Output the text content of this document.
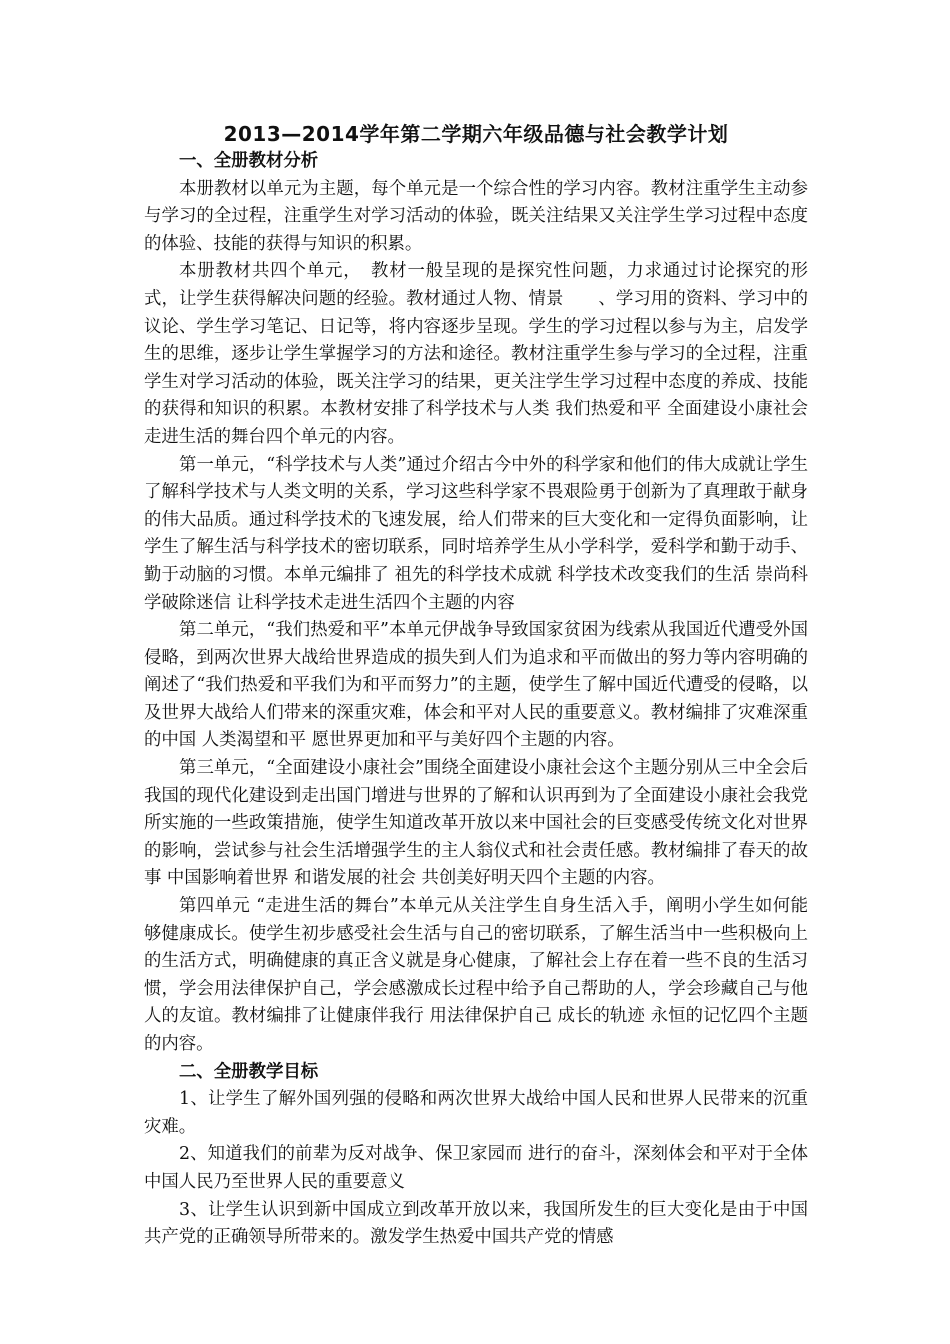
2013—2014学年第二学期六年级品德与社会教学计划
一、全册教材分析

本册教材以单元为主题，每个单元是一个综合性的学习内容。教材注重学生主动参与学习的全过程，注重学生对学习活动的体验，既关注结果又关注学生学习过程中态度的体验、技能的获得与知识的积累。

本册教材共四个单元，　教材一般呈现的是探究性问题，力求通过讨论探究的形式，让学生获得解决问题的经验。教材通过人物、情景　　、学习用的资料、学习中的议论、学生学习笔记、日记等，将内容逐步呈现。学生的学习过程以参与为主，启发学生的思维，逐步让学生掌握学习的方法和途径。教材注重学生参与学习的全过程，注重学生对学习活动的体验，既关注学习的结果，更关注学生学习过程中态度的养成、技能的获得和知识的积累。本教材安排了科学技术与人类 我们热爱和平 全面建设小康社会 走进生活的舞台四个单元的内容。

第一单元，“科学技术与人类”通过介绍古今中外的科学家和他们的伟大成就让学生了解科学技术与人类文明的关系，学习这些科学家不畏艰险勇于创新为了真理敢于献身的伟大品质。通过科学技术的飞速发展，给人们带来的巨大变化和一定得负面影响，让学生了解生活与科学技术的密切联系，同时培养学生从小学科学，爱科学和勤于动手、勤于动脑的习惯。本单元编排了 祖先的科学技术成就 科学技术改变我们的生活 崇尚科学破除迷信 让科学技术走进生活四个主题的内容

第二单元，“我们热爱和平”本单元伊战争导致国家贫困为线索从我国近代遭受外国侵略，到两次世界大战给世界造成的损失到人们为追求和平而做出的努力等内容明确的阐述了“我们热爱和平我们为和平而努力”的主题，使学生了解中国近代遭受的侵略，以及世界大战给人们带来的深重灾难，体会和平对人民的重要意义。教材编排了灾难深重的中国 人类渴望和平 愿世界更加和平与美好四个主题的内容。

第三单元，“全面建设小康社会”围绕全面建设小康社会这个主题分别从三中全会后我国的现代化建设到走出国门增进与世界的了解和认识再到为了全面建设小康社会我党所实施的一些政策措施，使学生知道改革开放以来中国社会的巨变感受传统文化对世界的影响，尝试参与社会生活增强学生的主人翁仪式和社会责任感。教材编排了春天的故事 中国影响着世界 和谐发展的社会 共创美好明天四个主题的内容。

第四单元 “走进生活的舞台”本单元从关注学生自身生活入手，阐明小学生如何能够健康成长。使学生初步感受社会生活与自己的密切联系，了解生活当中一些积极向上的生活方式，明确健康的真正含义就是身心健康，了解社会上存在着一些不良的生活习惯，学会用法律保护自己，学会感激成长过程中给予自己帮助的人，学会珍藏自己与他人的友谊。教材编排了让健康伴我行 用法律保护自己 成长的轨迹 永恒的记忆四个主题的内容。

二、全册教学目标

1、让学生了解外国列强的侵略和两次世界大战给中国人民和世界人民带来的沉重灾难。

2、知道我们的前辈为反对战争、保卫家园而 进行的奋斗，深刻体会和平对于全体中国人民乃至世界人民的重要意义

3、让学生认识到新中国成立到改革开放以来，我国所发生的巨大变化是由于中国共产党的正确领导所带来的。激发学生热爱中国共产党的情感
